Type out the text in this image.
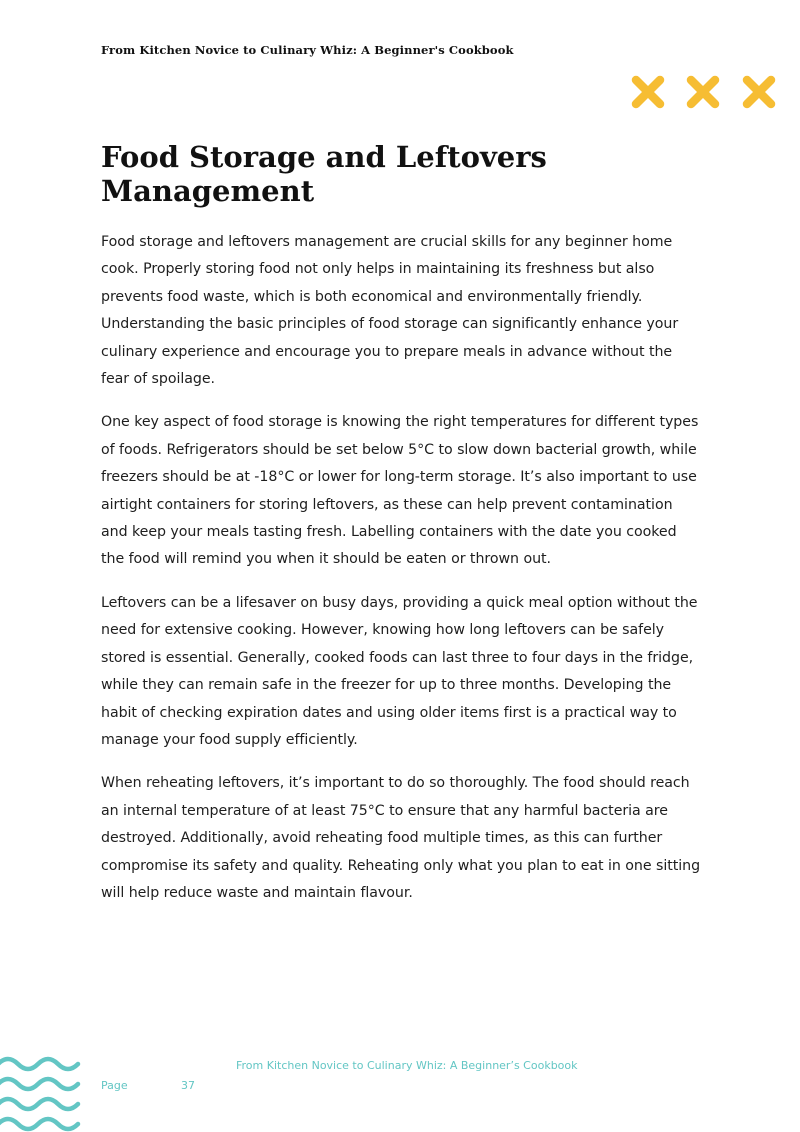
From Kitchen Novice to Culinary Whiz: A Beginner's Cookbook
Food Storage and Leftovers Management

Food storage and leftovers management are crucial skills for any beginner home cook. Properly storing food not only helps in maintaining its freshness but also prevents food waste, which is both economical and environmentally friendly. Understanding the basic principles of food storage can significantly enhance your culinary experience and encourage you to prepare meals in advance without the fear of spoilage.

One key aspect of food storage is knowing the right temperatures for different types of foods. Refrigerators should be set below 5°C to slow down bacterial growth, while freezers should be at -18°C or lower for long-term storage. It’s also important to use airtight containers for storing leftovers, as these can help prevent contamination and keep your meals tasting fresh. Labelling containers with the date you cooked the food will remind you when it should be eaten or thrown out.

Leftovers can be a lifesaver on busy days, providing a quick meal option without the need for extensive cooking. However, knowing how long leftovers can be safely stored is essential. Generally, cooked foods can last three to four days in the fridge, while they can remain safe in the freezer for up to three months. Developing the habit of checking expiration dates and using older items first is a practical way to manage your food supply efficiently.

When reheating leftovers, it’s important to do so thoroughly. The food should reach an internal temperature of at least 75°C to ensure that any harmful bacteria are destroyed. Additionally, avoid reheating food multiple times, as this can further compromise its safety and quality. Reheating only what you plan to eat in one sitting will help reduce waste and maintain flavour.

From Kitchen Novice to Culinary Whiz: A Beginner’s Cookbook
Page	37
